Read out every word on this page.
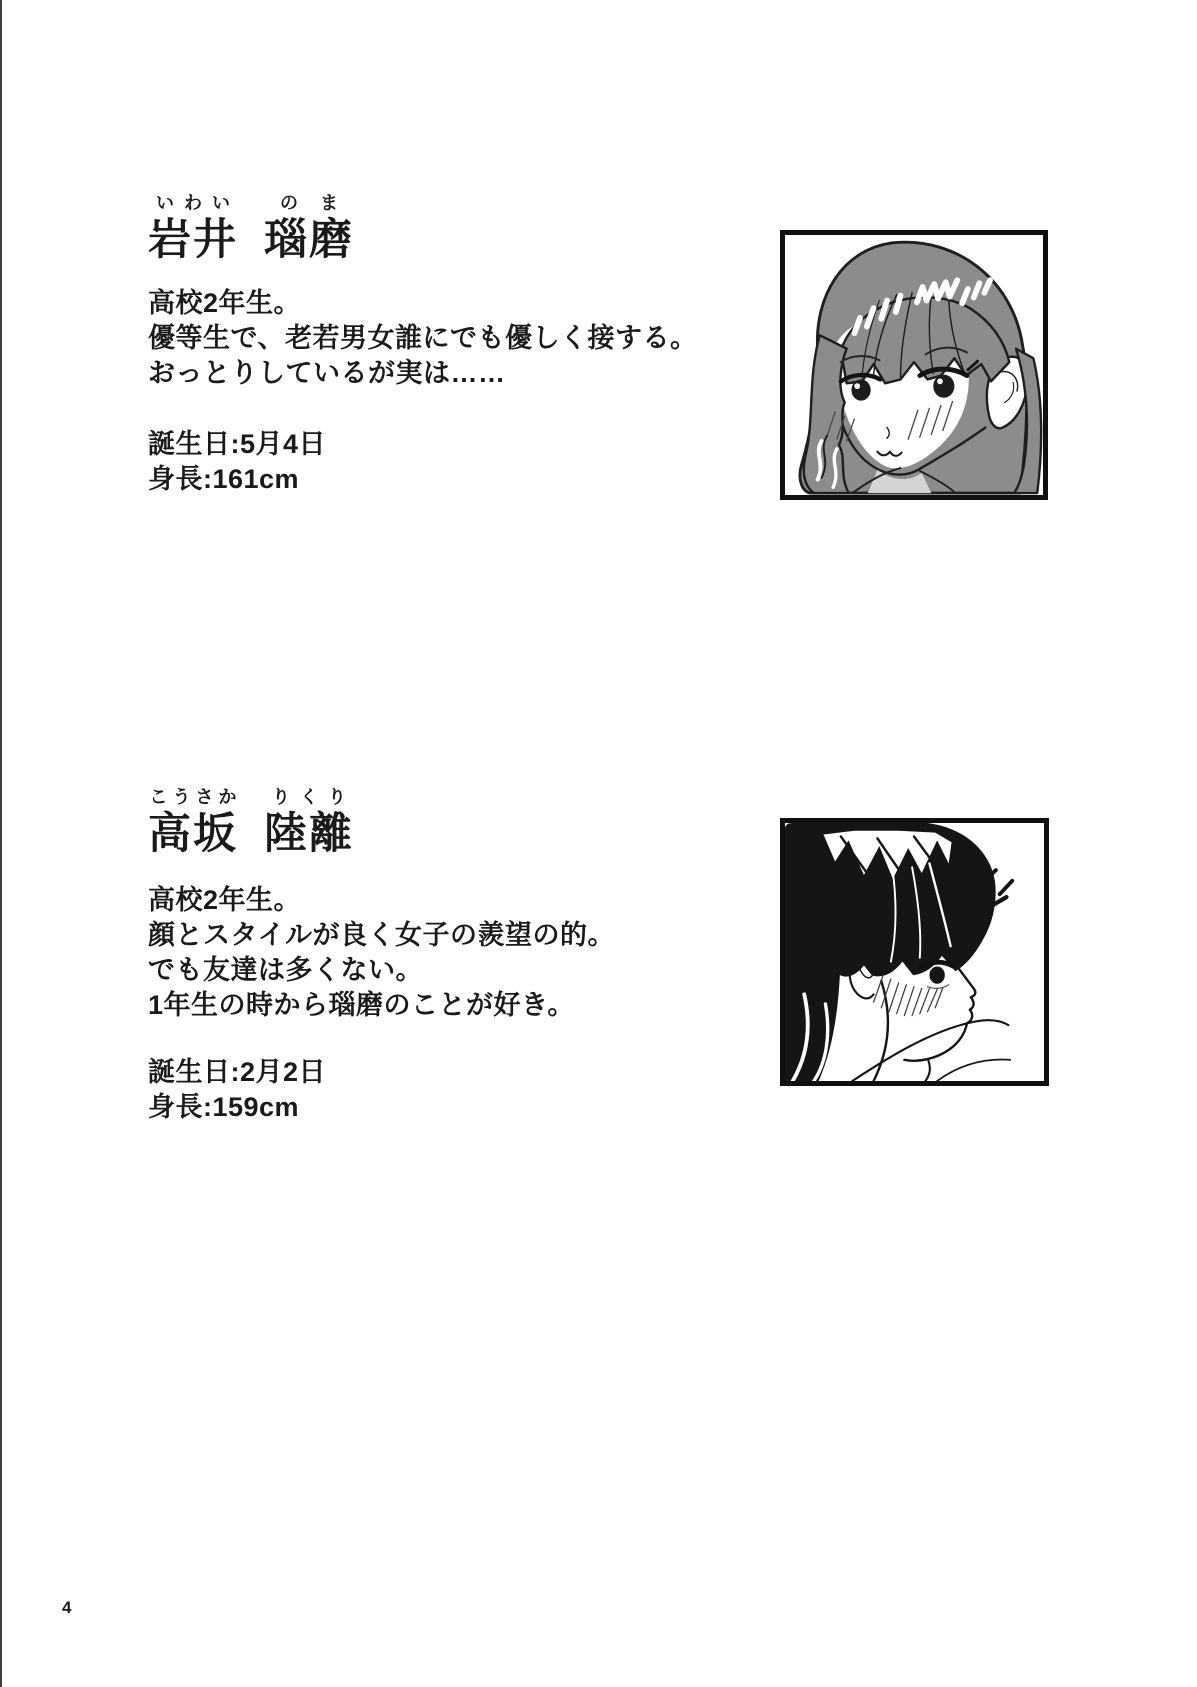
いわい
岩井
のま
瑙磨
高校2年生。
優等生で、老若男女誰にでも優しく接する。
おっとりしているが実は……
誕生日:5月4日
身長:161cm
こうさか
高坂
りくり
陸離
高校2年生。
顔とスタイルが良く女子の羨望の的。
でも友達は多くない。
1年生の時から瑙磨のことが好き。
誕生日:2月2日
身長:159cm
4
